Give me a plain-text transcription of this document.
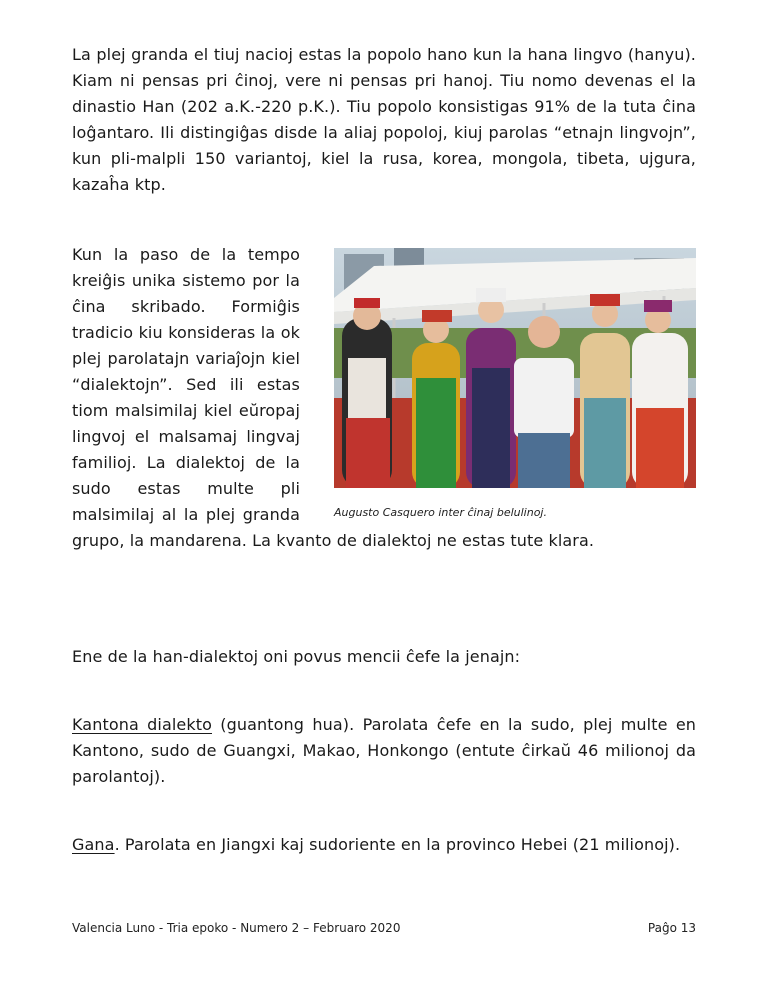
La plej granda el tiuj nacioj estas la popolo hano kun la hana lingvo (hanyu). Kiam ni pensas pri ĉinoj, vere ni pensas pri hanoj. Tiu nomo devenas el la dinastio Han (202 a.K.-220 p.K.). Tiu popolo konsistigas 91% de la tuta ĉina loĝantaro. Ili distingiĝas disde la aliaj popoloj, kiuj parolas “etnajn lingvojn”, kun pli-malpli 150 variantoj, kiel la rusa, korea, mongola, tibeta, ujgura, kazaĥa ktp.

Augusto Casquero inter ĉinaj belulinoj.

Kun la paso de la tempo kreiĝis unika sistemo por la ĉina skribado. Formiĝis tradicio kiu konsideras la ok plej parolatajn variaĵojn kiel “dialektojn”. Sed ili estas tiom malsimilaj kiel eŭropaj lingvoj el malsamaj lingvaj familioj. La dialektoj de la sudo estas multe pli malsimilaj al la plej granda grupo, la mandarena. La kvanto de dialektoj ne estas tute klara.

Ene de la han-dialektoj oni povus mencii ĉefe la jenajn:

Kantona dialekto (guantong hua). Parolata ĉefe en la sudo, plej multe en Kantono, sudo de Guangxi, Makao, Honkongo (entute ĉirkaŭ 46 milionoj da parolantoj).

Gana. Parolata en Jiangxi kaj sudoriente en la provinco Hebei (21 milionoj).

Valencia Luno - Tria epoko - Numero 2 – Februaro 2020	Paĝo 13
